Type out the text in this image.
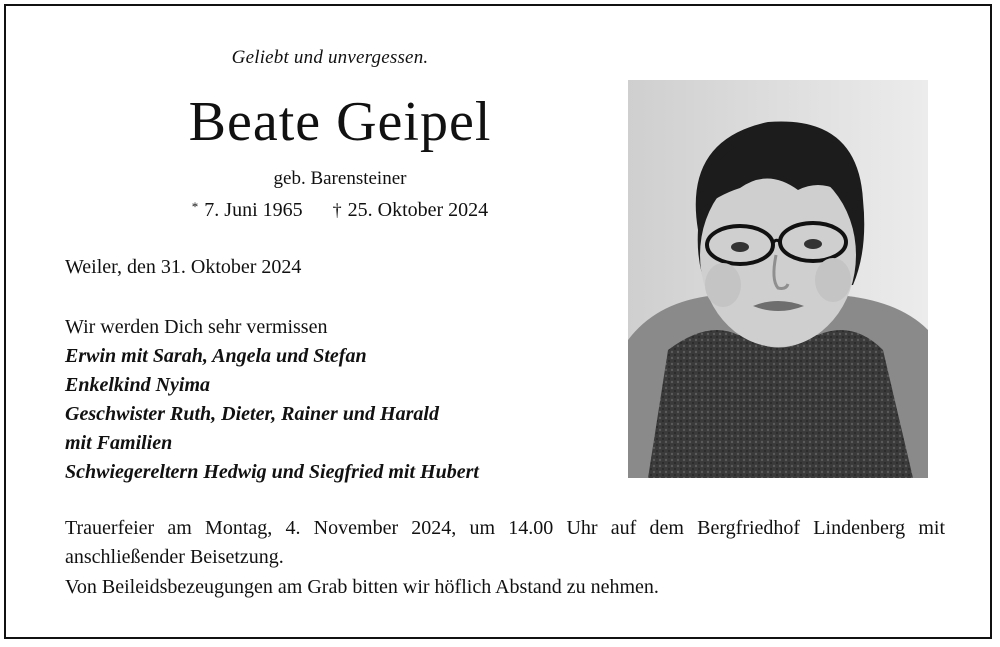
Geliebt und unvergessen.
Beate Geipel
geb. Barensteiner
* 7. Juni 1965 † 25. Oktober 2024
Weiler, den 31. Oktober 2024
Wir werden Dich sehr vermissen
Erwin mit Sarah, Angela und Stefan
Enkelkind Nyima
Geschwister Ruth, Dieter, Rainer und Harald
mit Familien
Schwiegereltern Hedwig und Siegfried mit Hubert
Trauerfeier am Montag, 4. November 2024, um 14.00 Uhr auf dem Bergfriedhof Lindenberg mit anschließender Beisetzung.
Von Beileidsbezeugungen am Grab bitten wir höflich Abstand zu nehmen.
